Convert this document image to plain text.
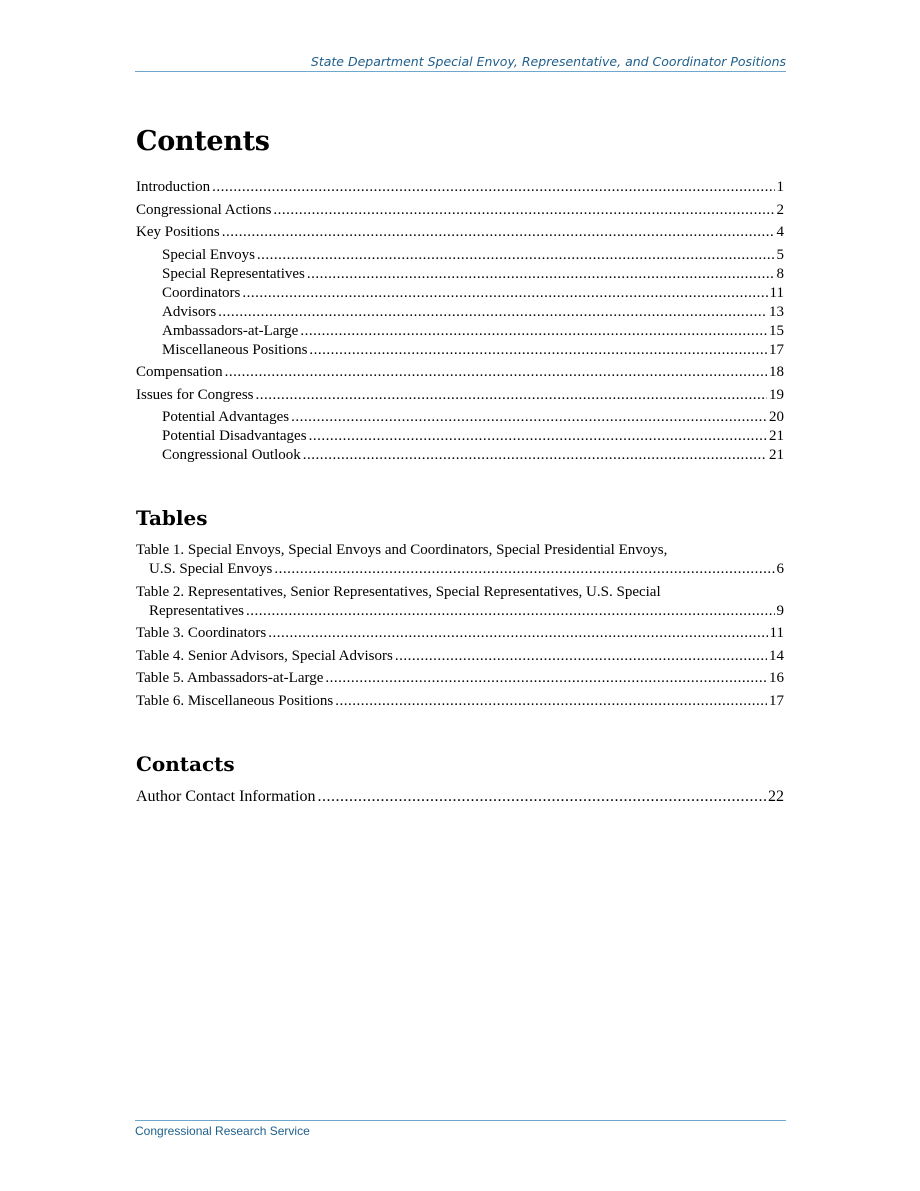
State Department Special Envoy, Representative, and Coordinator Positions
Contents
Introduction .....	1
Congressional Actions .....	2
Key Positions .....	4
Special Envoys .....	5
Special Representatives .....	8
Coordinators .....	11
Advisors .....	13
Ambassadors-at-Large .....	15
Miscellaneous Positions .....	17
Compensation .....	18
Issues for Congress .....	19
Potential Advantages .....	20
Potential Disadvantages .....	21
Congressional Outlook .....	21
Tables
Table 1. Special Envoys, Special Envoys and Coordinators, Special Presidential Envoys,
U.S. Special Envoys .....	6
Table 2. Representatives, Senior Representatives, Special Representatives, U.S. Special
Representatives .....	9
Table 3. Coordinators .....	11
Table 4. Senior Advisors, Special Advisors .....	14
Table 5. Ambassadors-at-Large .....	16
Table 6. Miscellaneous Positions .....	17
Contacts
Author Contact Information .....	22
Congressional Research Service
